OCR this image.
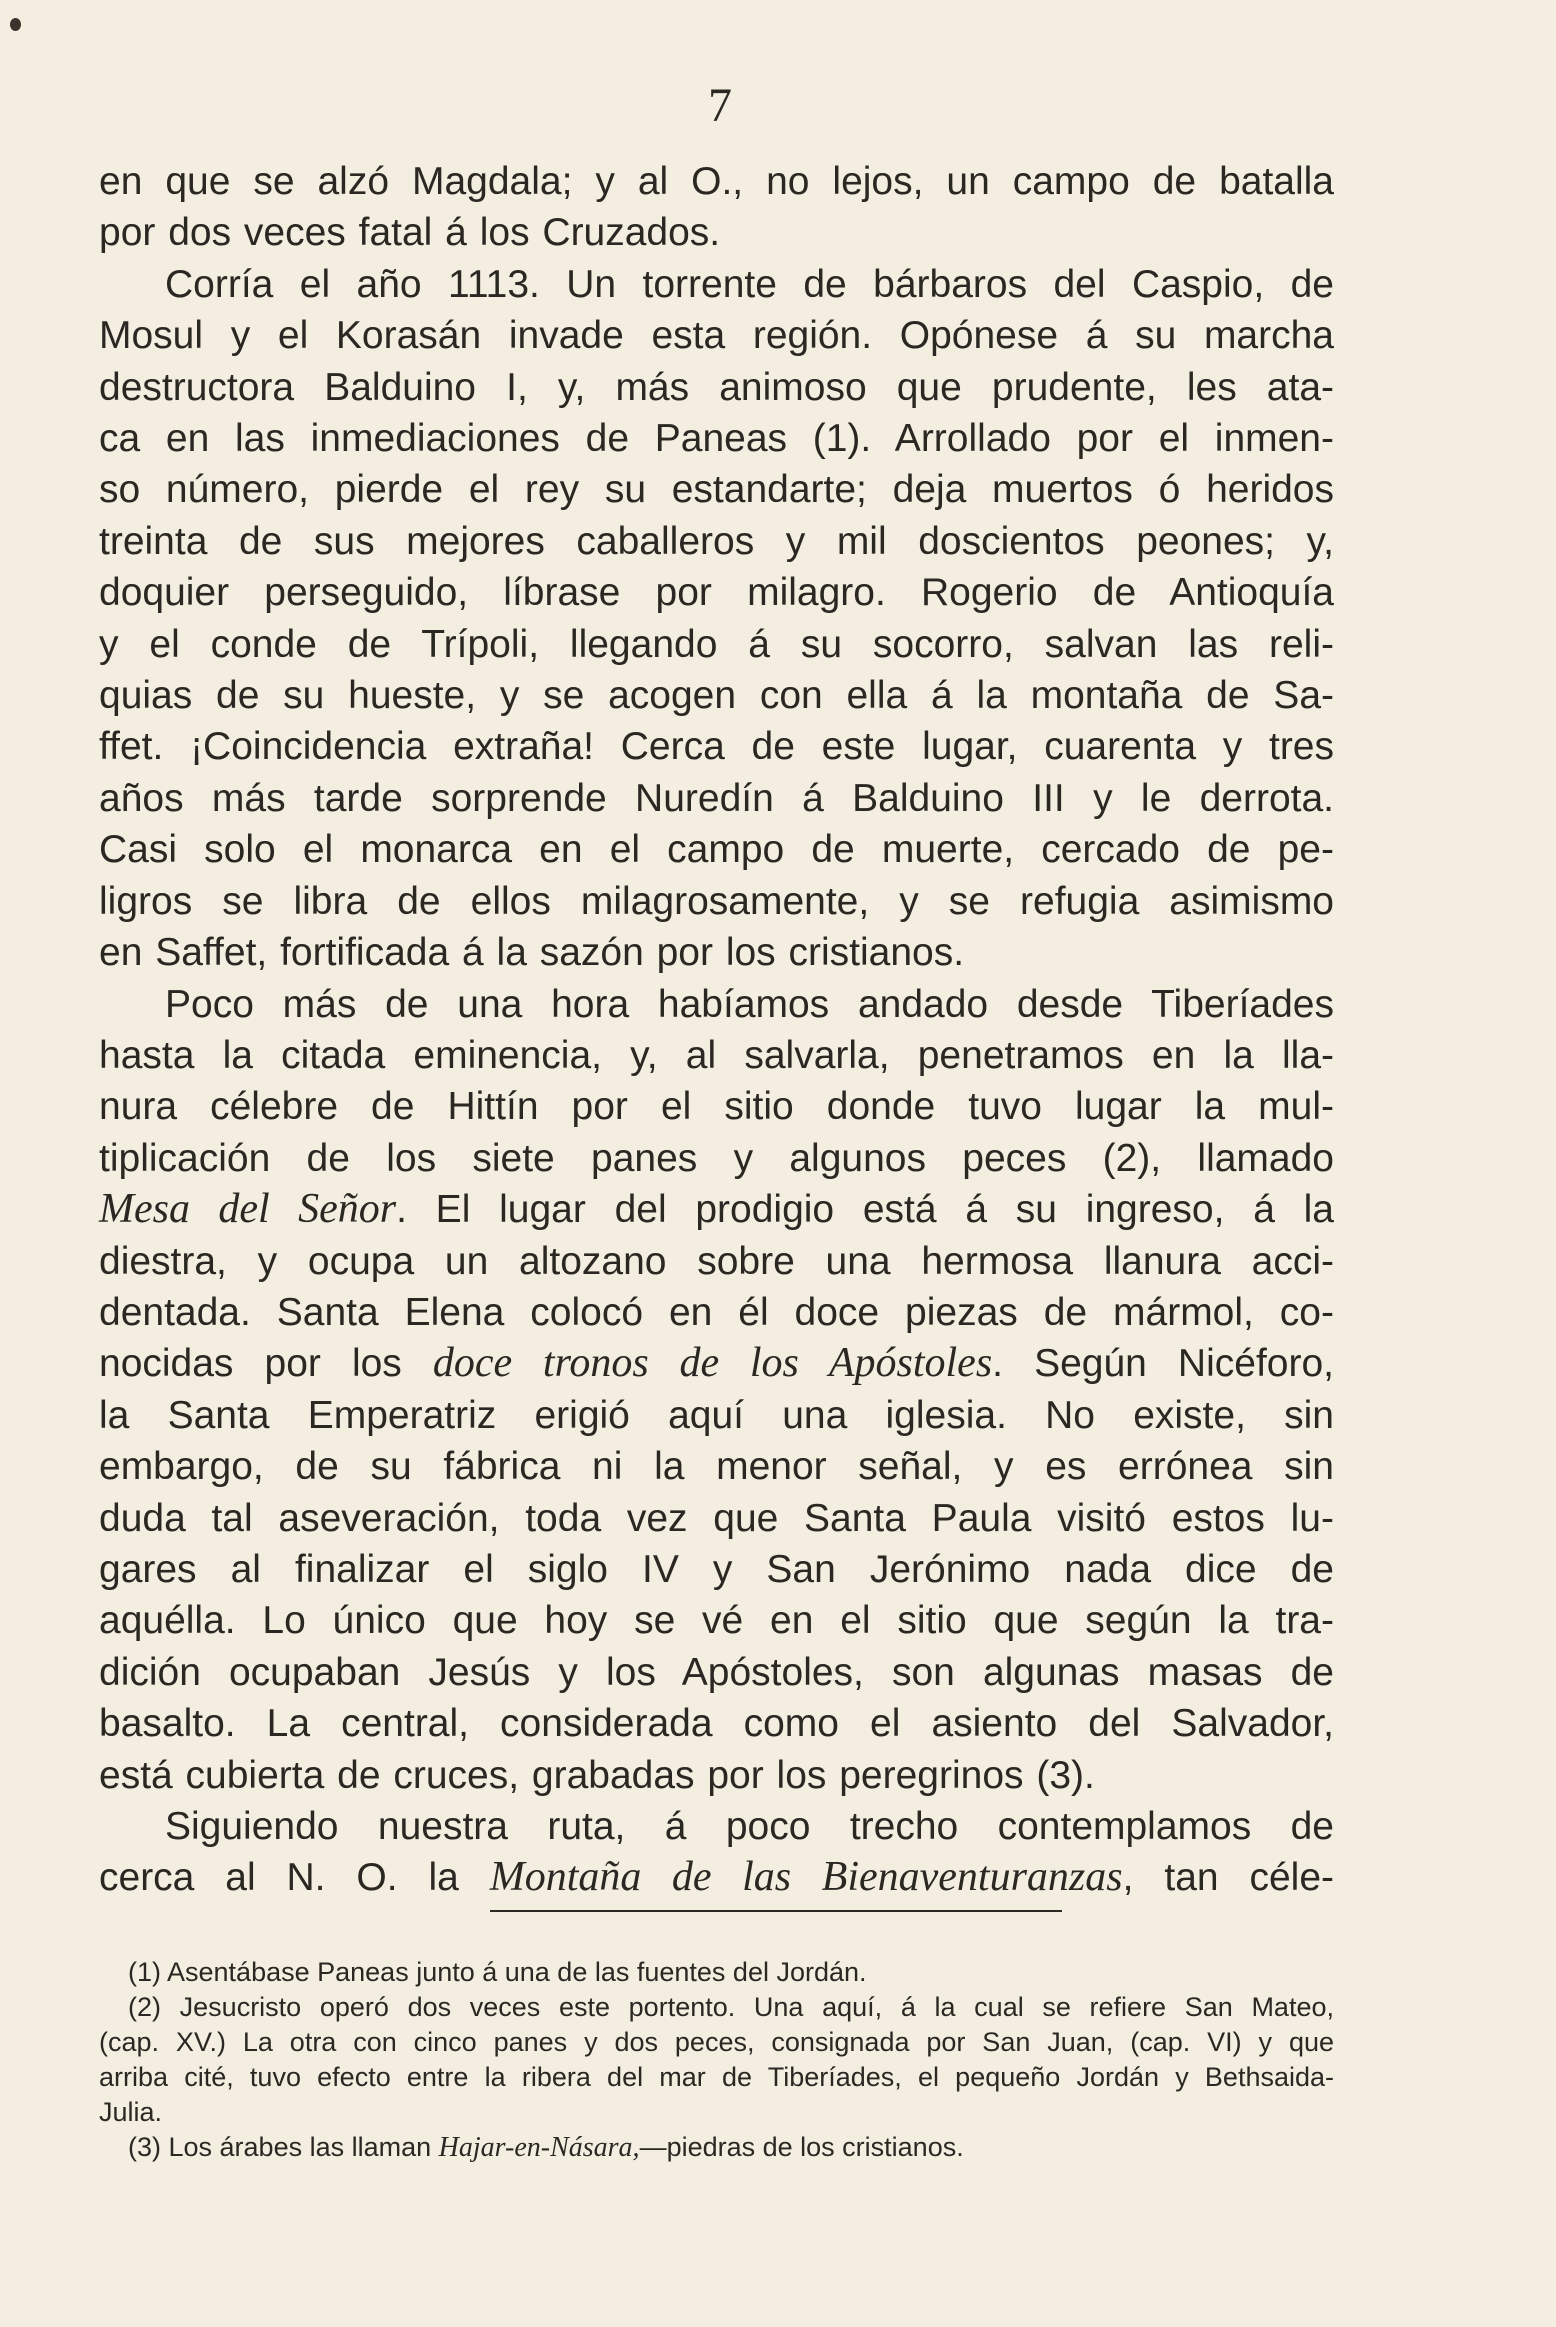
7
en que se alzó Magdala; y al O., no lejos, un campo de batalla
por dos veces fatal á los Cruzados.
Corría el año 1113. Un torrente de bárbaros del Caspio, de
Mosul y el Korasán invade esta región. Opónese á su marcha
destructora Balduino I, y, más animoso que prudente, les ata-
ca en las inmediaciones de Paneas (1). Arrollado por el inmen-
so número, pierde el rey su estandarte; deja muertos ó heridos
treinta de sus mejores caballeros y mil doscientos peones; y,
doquier perseguido, líbrase por milagro. Rogerio de Antioquía
y el conde de Trípoli, llegando á su socorro, salvan las reli-
quias de su hueste, y se acogen con ella á la montaña de Sa-
ffet. ¡Coincidencia extraña! Cerca de este lugar, cuarenta y tres
años más tarde sorprende Nuredín á Balduino III y le derrota.
Casi solo el monarca en el campo de muerte, cercado de pe-
ligros se libra de ellos milagrosamente, y se refugia asimismo
en Saffet, fortificada á la sazón por los cristianos.
Poco más de una hora habíamos andado desde Tiberíades
hasta la citada eminencia, y, al salvarla, penetramos en la lla-
nura célebre de Hittín por el sitio donde tuvo lugar la mul-
tiplicación de los siete panes y algunos peces (2), llamado
Mesa del Señor. El lugar del prodigio está á su ingreso, á la
diestra, y ocupa un altozano sobre una hermosa llanura acci-
dentada. Santa Elena colocó en él doce piezas de mármol, co-
nocidas por los doce tronos de los Apóstoles. Según Nicéforo,
la Santa Emperatriz erigió aquí una iglesia. No existe, sin
embargo, de su fábrica ni la menor señal, y es errónea sin
duda tal aseveración, toda vez que Santa Paula visitó estos lu-
gares al finalizar el siglo IV y San Jerónimo nada dice de
aquélla. Lo único que hoy se vé en el sitio que según la tra-
dición ocupaban Jesús y los Apóstoles, son algunas masas de
basalto. La central, considerada como el asiento del Salvador,
está cubierta de cruces, grabadas por los peregrinos (3).
Siguiendo nuestra ruta, á poco trecho contemplamos de
cerca al N. O. la Montaña de las Bienaventuranzas, tan céle-
(1) Asentábase Paneas junto á una de las fuentes del Jordán.
(2) Jesucristo operó dos veces este portento. Una aquí, á la cual se refiere San Mateo,
(cap. XV.) La otra con cinco panes y dos peces, consignada por San Juan, (cap. VI) y que
arriba cité, tuvo efecto entre la ribera del mar de Tiberíades, el pequeño Jordán y Bethsaida-
Julia.
(3) Los árabes las llaman Hajar-en-Násara,—piedras de los cristianos.
